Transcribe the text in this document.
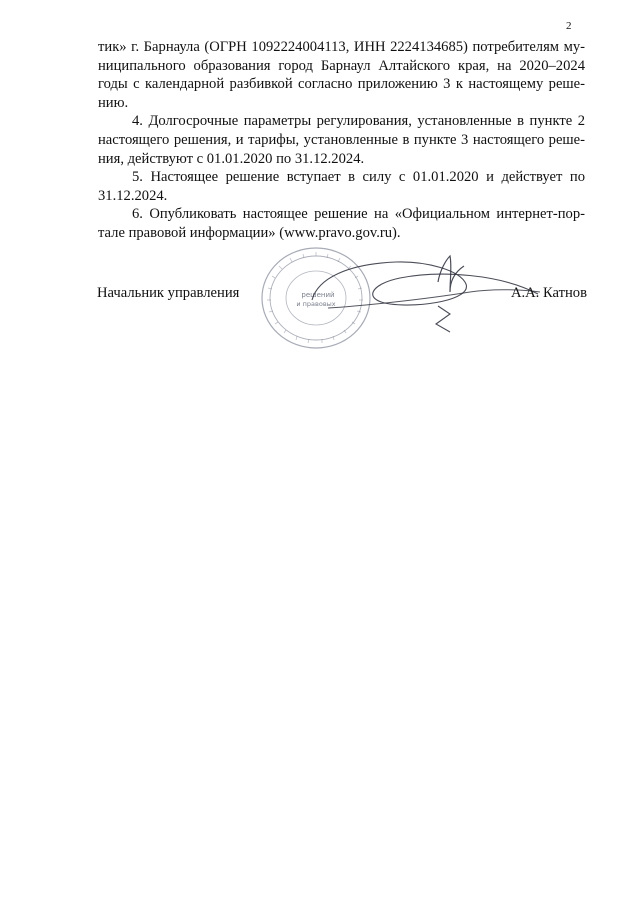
2
тик» г. Барнаула (ОГРН 1092224004113, ИНН 2224134685) потребителям му-
ниципального образования город Барнаул Алтайского края, на 2020–2024
годы с календарной разбивкой согласно приложению 3 к настоящему реше-
нию.
4. Долгосрочные параметры регулирования, установленные в пункте 2
настоящего решения, и тарифы, установленные в пункте 3 настоящего реше-
ния, действуют с 01.01.2020 по 31.12.2024.
5. Настоящее решение вступает в силу с 01.01.2020 и действует по
31.12.2024.
6. Опубликовать настоящее решение на «Официальном интернет-пор-
тале правовой информации» (www.pravo.gov.ru).
решений
и правовых
Начальник управления	А.А. Катнов
